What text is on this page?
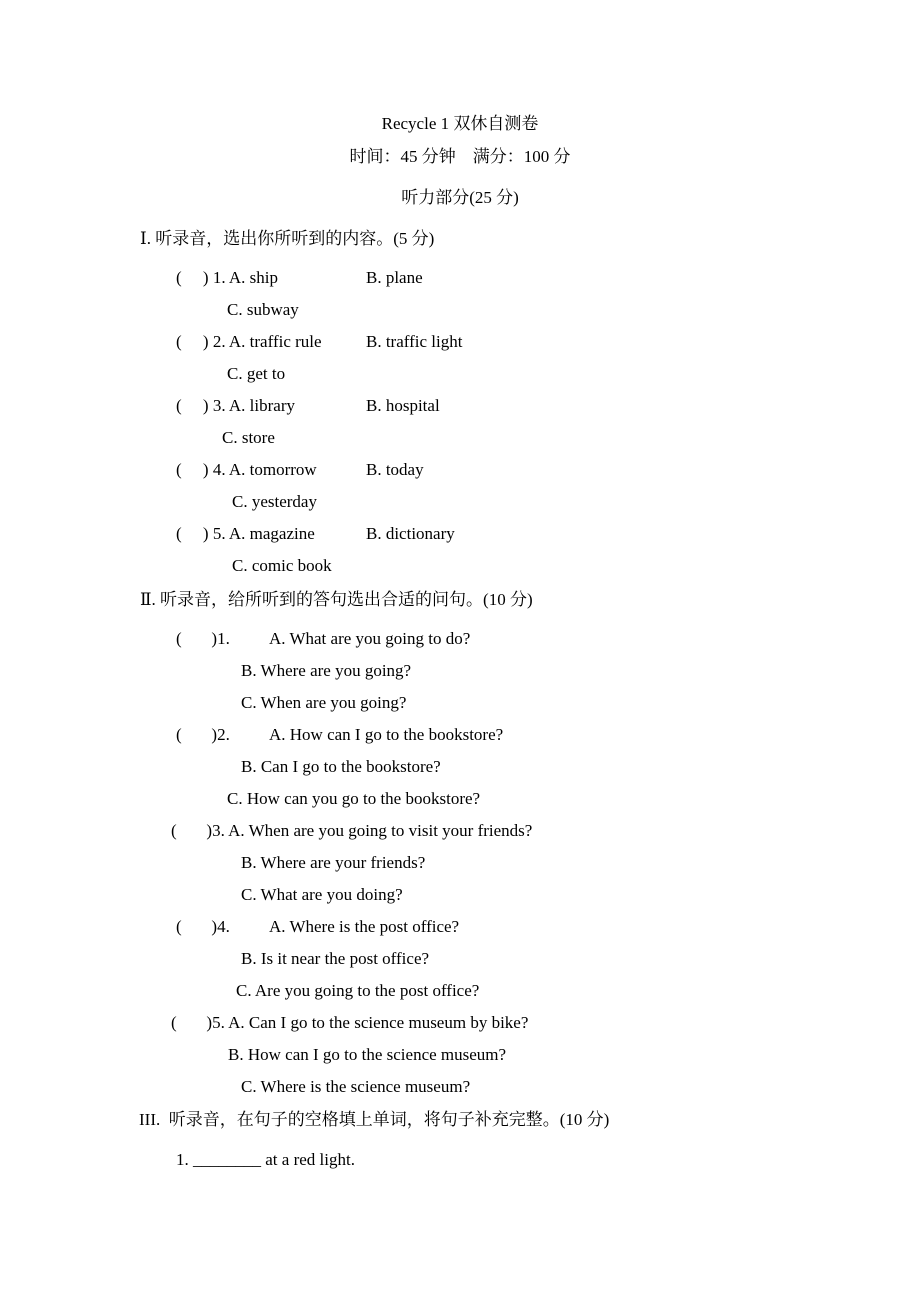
Recycle 1 双休自测卷
时间：45 分钟    满分：100 分
听力部分(25 分)
Ⅰ. 听录音，选出你所听到的内容。(5 分)
(     ) 1. A. ship	B. plane
C. subway
(     ) 2. A. traffic rule	B. traffic light
C. get to
(     ) 3. A. library	B. hospital
C. store
(     ) 4. A. tomorrow	B. today
C. yesterday
(     ) 5. A. magazine	B. dictionary
C. comic book
Ⅱ. 听录音，给所听到的答句选出合适的问句。(10 分)
(       )1. A. What are you going to do?
B. Where are you going?
C. When are you going?
(       )2. A. How can I go to the bookstore?
B. Can I go to the bookstore?
C. How can you go to the bookstore?
(       )3. A. When are you going to visit your friends?
B. Where are your friends?
C. What are you doing?
(       )4. A. Where is the post office?
B. Is it near the post office?
C. Are you going to the post office?
(       )5. A. Can I go to the science museum by bike?
B. How can I go to the science museum?
C. Where is the science museum?
III.  听录音，在句子的空格填上单词，将句子补充完整。(10 分)
1. ________ at a red light.
